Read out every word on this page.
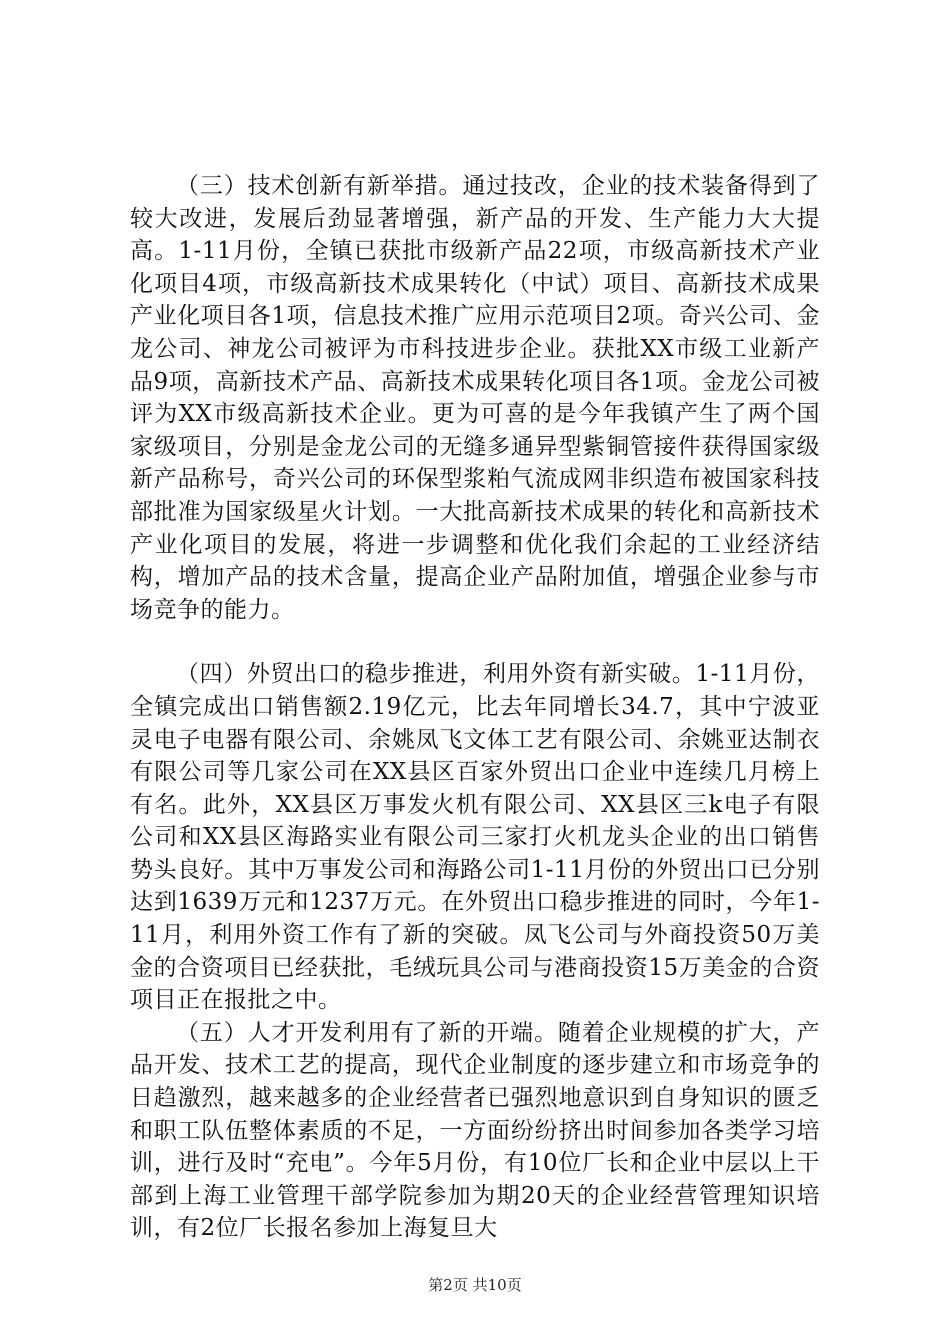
（三）技术创新有新举措。通过技改，企业的技术装备得到了较大改进，发展后劲显著增强，新产品的开发、生产能力大大提高。1-11月份，全镇已获批市级新产品22项，市级高新技术产业化项目4项，市级高新技术成果转化（中试）项目、高新技术成果产业化项目各1项，信息技术推广应用示范项目2项。奇兴公司、金龙公司、神龙公司被评为市科技进步企业。获批XX市级工业新产品9项，高新技术产品、高新技术成果转化项目各1项。金龙公司被评为XX市级高新技术企业。更为可喜的是今年我镇产生了两个国家级项目，分别是金龙公司的无缝多通异型紫铜管接件获得国家级新产品称号，奇兴公司的环保型浆粕气流成网非织造布被国家科技部批准为国家级星火计划。一大批高新技术成果的转化和高新技术产业化项目的发展，将进一步调整和优化我们余起的工业经济结构，增加产品的技术含量，提高企业产品附加值，增强企业参与市场竞争的能力。

（四）外贸出口的稳步推进，利用外资有新实破。1-11月份，全镇完成出口销售额2.19亿元，比去年同增长34.7，其中宁波亚灵电子电器有限公司、余姚凤飞文体工艺有限公司、余姚亚达制衣有限公司等几家公司在XX县区百家外贸出口企业中连续几月榜上有名。此外，XX县区万事发火机有限公司、XX县区三k电子有限公司和XX县区海路实业有限公司三家打火机龙头企业的出口销售势头良好。其中万事发公司和海路公司1-11月份的外贸出口已分别达到1639万元和1237万元。在外贸出口稳步推进的同时，今年1-11月，利用外资工作有了新的突破。凤飞公司与外商投资50万美金的合资项目已经获批，毛绒玩具公司与港商投资15万美金的合资项目正在报批之中。

（五）人才开发利用有了新的开端。随着企业规模的扩大，产品开发、技术工艺的提高，现代企业制度的逐步建立和市场竞争的日趋激烈，越来越多的企业经营者已强烈地意识到自身知识的匮乏和职工队伍整体素质的不足，一方面纷纷挤出时间参加各类学习培训，进行及时“充电”。今年5月份，有10位厂长和企业中层以上干部到上海工业管理干部学院参加为期20天的企业经营管理知识培训，有2位厂长报名参加上海复旦大

第2页 共10页
